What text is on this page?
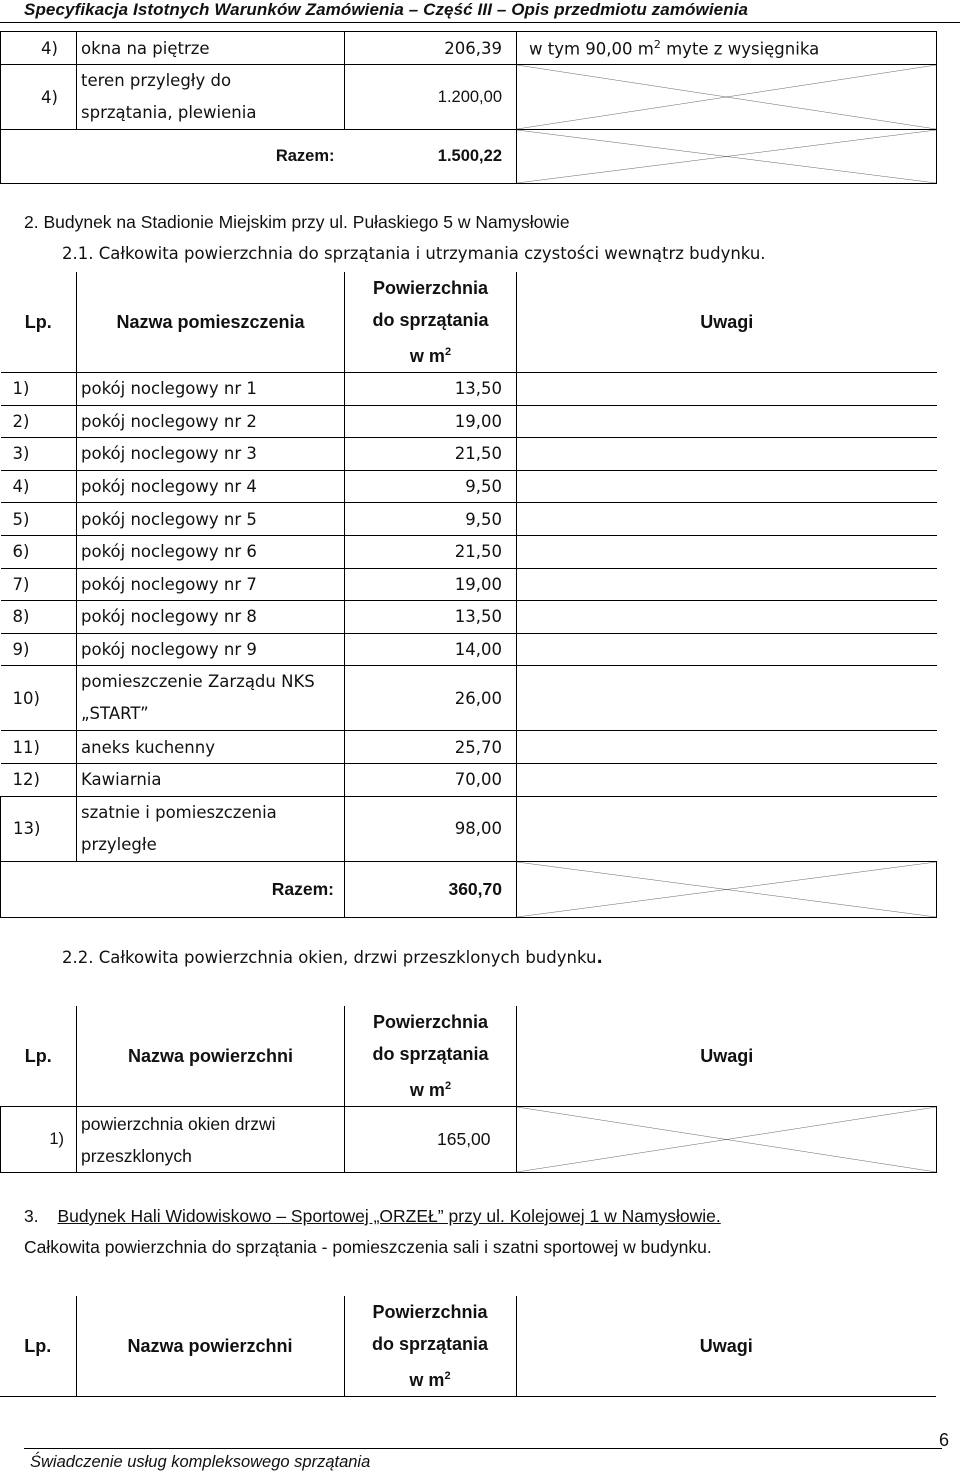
Specyfikacja Istotnych Warunków Zamówienia – Część III – Opis przedmiotu zamówienia
4)	okna na piętrze	206,39	w tym 90,00 $m^2$ myte z wysięgnika
4)	teren przyległy do
sprzątania, plewienia	1.200,00	

Razem:		1.500,22	
2. Budynek na Stadionie Miejskim przy ul. Pułaskiego 5 w Namysłowie
2.1. Całkowita powierzchnia do sprzątania i utrzymania czystości wewnątrz budynku.
Lp.	Nazwa pomieszczenia	Powierzchnia
do sprzątania
w $m^2$	Uwagi
1)	pokój noclegowy nr 1	13,50	
2)	pokój noclegowy nr 2	19,00	
3)	pokój noclegowy nr 3	21,50	
4)	pokój noclegowy nr 4	9,50	
5)	pokój noclegowy nr 5	9,50	
6)	pokój noclegowy nr 6	21,50	
7)	pokój noclegowy nr 7	19,00	
8)	pokój noclegowy nr 8	13,50	
9)	pokój noclegowy nr 9	14,00	
10)	pomieszczenie Zarządu NKS
„START”	26,00	
11)	aneks kuchenny	25,70	
12)	Kawiarnia	70,00	
13)	szatnie i pomieszczenia
przyległe	98,00	
Razem:		360,70	
2.2. Całkowita powierzchnia okien, drzwi przeszklonych budynku.
Lp.	Nazwa powierzchni	Powierzchnia
do sprzątania
w $m^2$	Uwagi
1)	powierzchnia okien drzwi
przeszklonych	165,00	
3. Budynek Hali Widowiskowo – Sportowej „ORZEŁ” przy ul. Kolejowej 1 w Namysłowie.
Całkowita powierzchnia do sprzątania - pomieszczenia sali i szatni sportowej w budynku.
Lp.	Nazwa powierzchni	
Powierzchnia
do sprzątania
w $m^2$
	Uwagi
Świadczenie usług kompleksowego sprzątania
6
